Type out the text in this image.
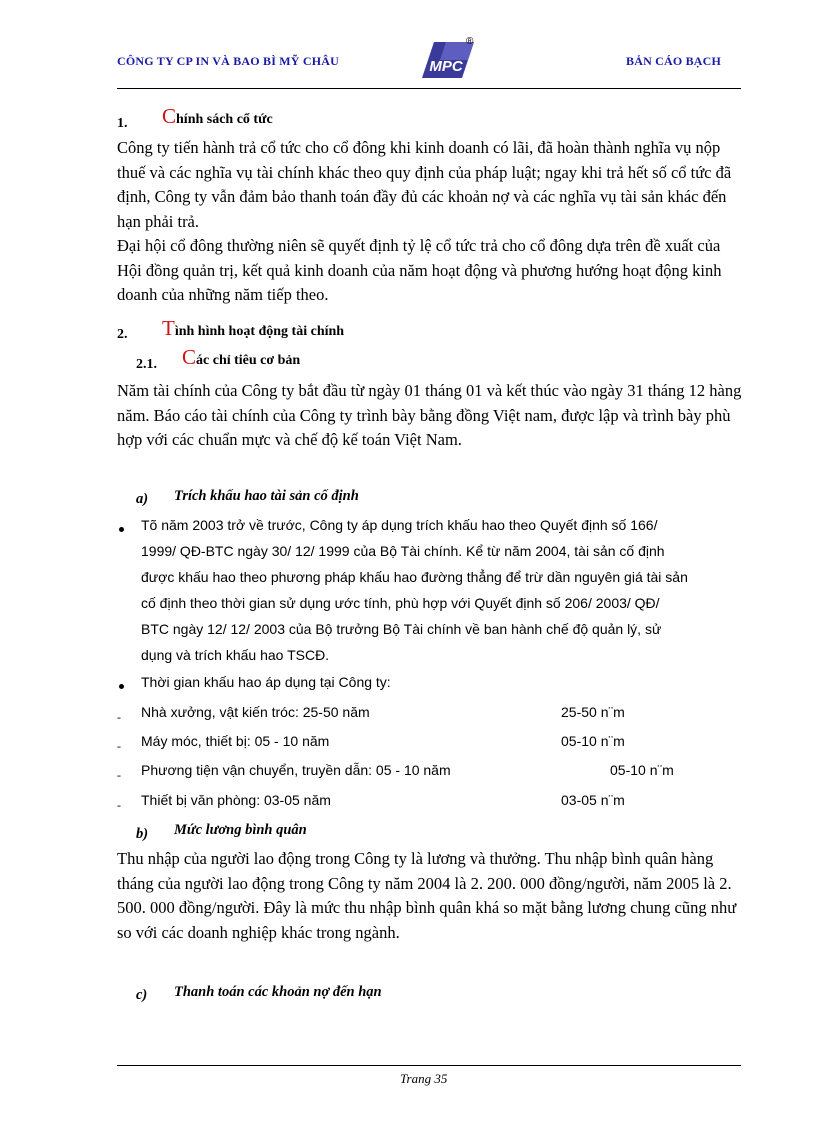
CÔNG TY CP IN VÀ BAO BÌ MỸ CHÂU	BẢN CÁO BẠCH
MPC
®
1. Chính sách cổ tức

Công ty tiến hành trả cổ tức cho cổ đông khi kinh doanh có lãi, đã hoàn thành nghĩa vụ nộp thuế và các nghĩa vụ tài chính khác theo quy định của pháp luật; ngay khi trả hết số cổ tức đã định, Công ty vẫn đảm bảo thanh toán đầy đủ các khoản nợ và các nghĩa vụ tài sản khác đến hạn phải trả.

Đại hội cổ đông thường niên sẽ quyết định tỷ lệ cổ tức trả cho cổ đông dựa trên đề xuất của Hội đồng quản trị, kết quả kinh doanh của năm hoạt động và phương hướng hoạt động kinh doanh của những năm tiếp theo.

2. Tình hình hoạt động tài chính
2.1. Các chỉ tiêu cơ bản
Năm tài chính của Công ty bắt đầu từ ngày 01 tháng 01 và kết thúc vào ngày 31 tháng 12 hàng năm. Báo cáo tài chính của Công ty trình bày bằng đồng Việt nam, được lập và trình bày phù hợp với các chuẩn mực và chế độ kế toán Việt Nam.
a) Trích khấu hao tài sản cố định
Tõ năm 2003 trở về trước, Công ty áp dụng trích khấu hao theo Quyết định số 166/
1999/ QĐ-BTC ngày 30/ 12/ 1999 của Bộ Tài chính. Kể từ năm 2004, tài sản cố định
được khấu hao theo phương pháp khấu hao đường thẳng để trừ dần nguyên giá tài sản
cố định theo thời gian sử dụng ước tính, phù hợp với Quyết định số 206/ 2003/ QĐ/
BTC ngày 12/ 12/ 2003 của Bộ trưởng Bộ Tài chính về ban hành chế độ quản lý, sử
dụng và trích khấu hao TSCĐ.
Thời gian khấu hao áp dụng tại Công ty:
- Nhà xưởng, vật kiến tróc: 25-50 năm	25-50 n¨m
- Máy móc, thiết bị: 05 - 10 năm	05-10 n¨m
- Phương tiện vận chuyển, truyền dẫn: 05 - 10 năm	05-10 n¨m
- Thiết bị văn phòng: 03-05 năm	03-05 n¨m
b) Mức lương bình quân
Thu nhập của người lao động trong Công ty là lương và thưởng. Thu nhập bình quân hàng tháng của người lao động trong Công ty năm 2004 là 2. 200. 000 đồng/người, năm 2005 là 2. 500. 000 đồng/người. Đây là mức thu nhập bình quân khá so mặt bằng lương chung cũng như so với các doanh nghiệp khác trong ngành.
c) Thanh toán các khoản nợ đến hạn
Trang 35
